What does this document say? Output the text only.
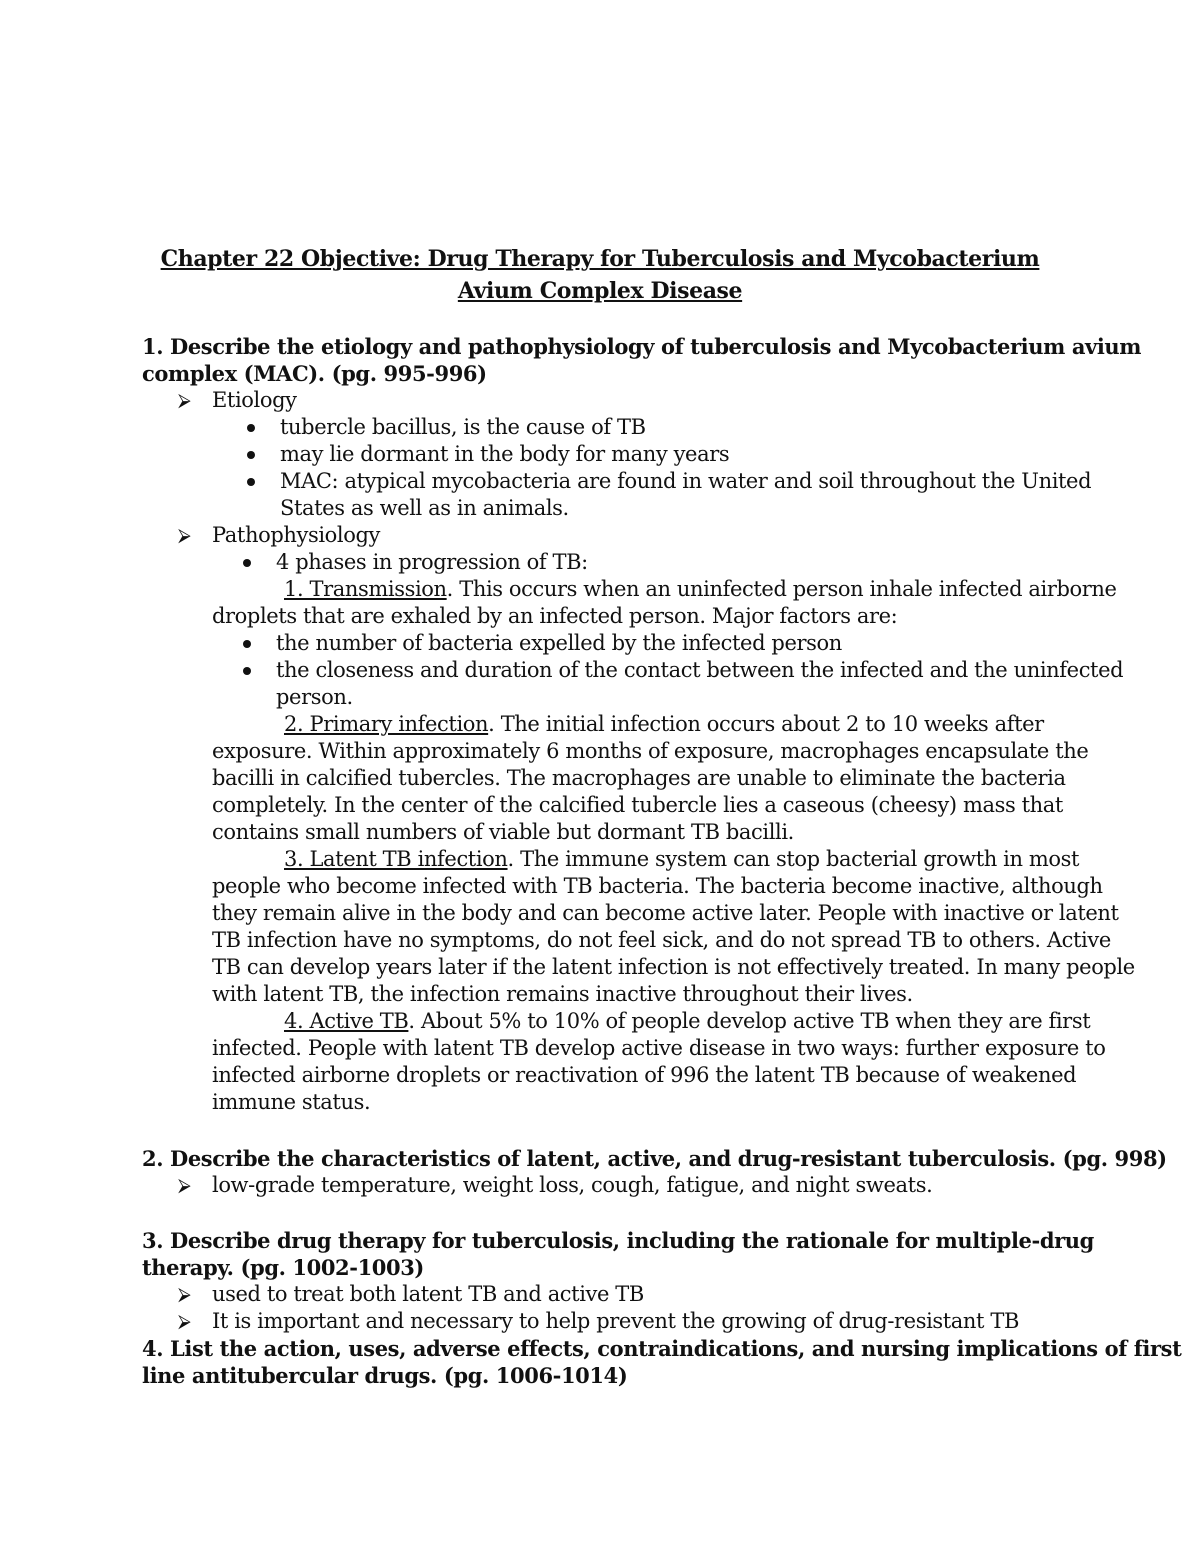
Chapter 22 Objective: Drug Therapy for Tuberculosis and Mycobacterium
Avium Complex Disease
1. Describe the etiology and pathophysiology of tuberculosis and Mycobacterium avium
complex (MAC). (pg. 995-996)
⮚ Etiology
tubercle bacillus, is the cause of TB
may lie dormant in the body for many years
MAC: atypical mycobacteria are found in water and soil throughout the United
States as well as in animals.
⮚ Pathophysiology
4 phases in progression of TB:
1. Transmission. This occurs when an uninfected person inhale infected airborne
droplets that are exhaled by an infected person. Major factors are:
the number of bacteria expelled by the infected person
the closeness and duration of the contact between the infected and the uninfected
person.
2. Primary infection. The initial infection occurs about 2 to 10 weeks after
exposure. Within approximately 6 months of exposure, macrophages encapsulate the
bacilli in calcified tubercles. The macrophages are unable to eliminate the bacteria
completely. In the center of the calcified tubercle lies a caseous (cheesy) mass that
contains small numbers of viable but dormant TB bacilli.
3. Latent TB infection. The immune system can stop bacterial growth in most
people who become infected with TB bacteria. The bacteria become inactive, although
they remain alive in the body and can become active later. People with inactive or latent
TB infection have no symptoms, do not feel sick, and do not spread TB to others. Active
TB can develop years later if the latent infection is not effectively treated. In many people
with latent TB, the infection remains inactive throughout their lives.
4. Active TB. About 5% to 10% of people develop active TB when they are first
infected. People with latent TB develop active disease in two ways: further exposure to
infected airborne droplets or reactivation of 996 the latent TB because of weakened
immune status.
2. Describe the characteristics of latent, active, and drug-resistant tuberculosis. (pg. 998)
⮚ low-grade temperature, weight loss, cough, fatigue, and night sweats.
3. Describe drug therapy for tuberculosis, including the rationale for multiple-drug
therapy. (pg. 1002-1003)
⮚ used to treat both latent TB and active TB
⮚ It is important and necessary to help prevent the growing of drug-resistant TB
4. List the action, uses, adverse effects, contraindications, and nursing implications of first
line antitubercular drugs. (pg. 1006-1014)
